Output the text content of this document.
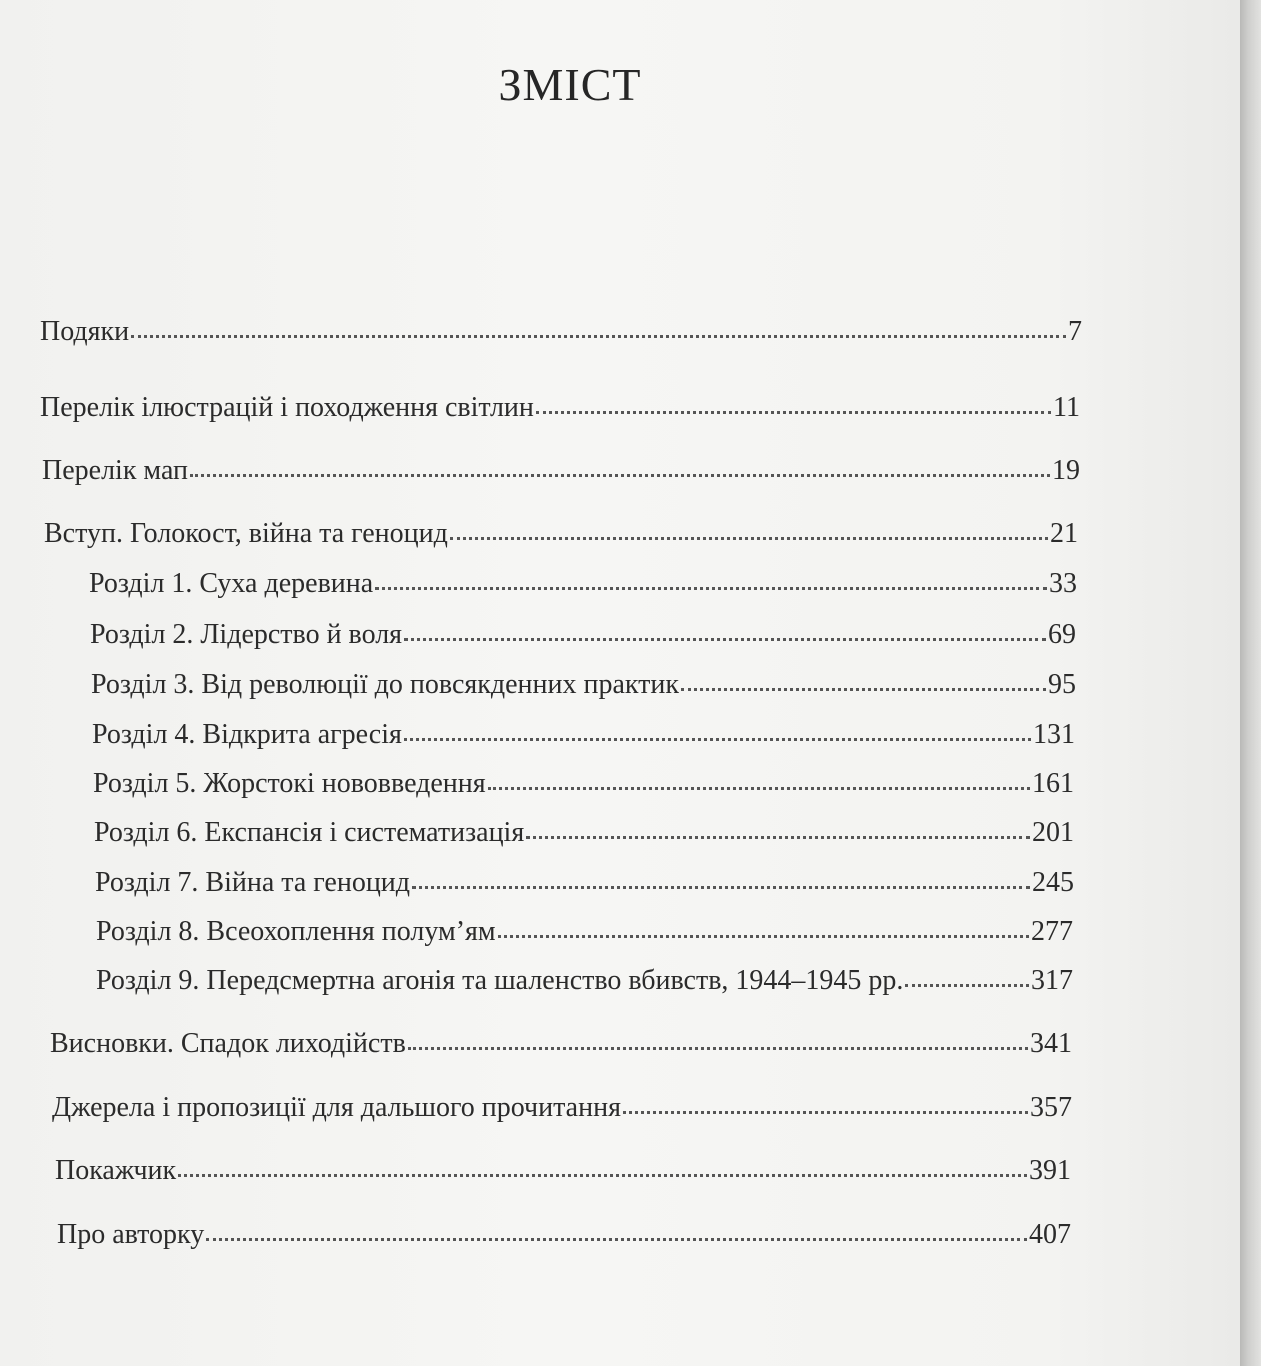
ЗМІСТ
Подяки	7
Перелік ілюстрацій і походження світлин	11
Перелік мап	19
Вступ. Голокост, війна та геноцид	21
Розділ 1. Суха деревина	33
Розділ 2. Лідерство й воля	69
Розділ 3. Від революції до повсякденних практик	95
Розділ 4. Відкрита агресія	131
Розділ 5. Жорстокі нововведення	161
Розділ 6. Експансія і систематизація	201
Розділ 7. Війна та геноцид	245
Розділ 8. Всеохоплення полум’ям	277
Розділ 9. Передсмертна агонія та шаленство вбивств, 1944–1945 рр.	317
Висновки. Спадок лиходійств	341
Джерела і пропозиції для дальшого прочитання	357
Покажчик	391
Про авторку	407
